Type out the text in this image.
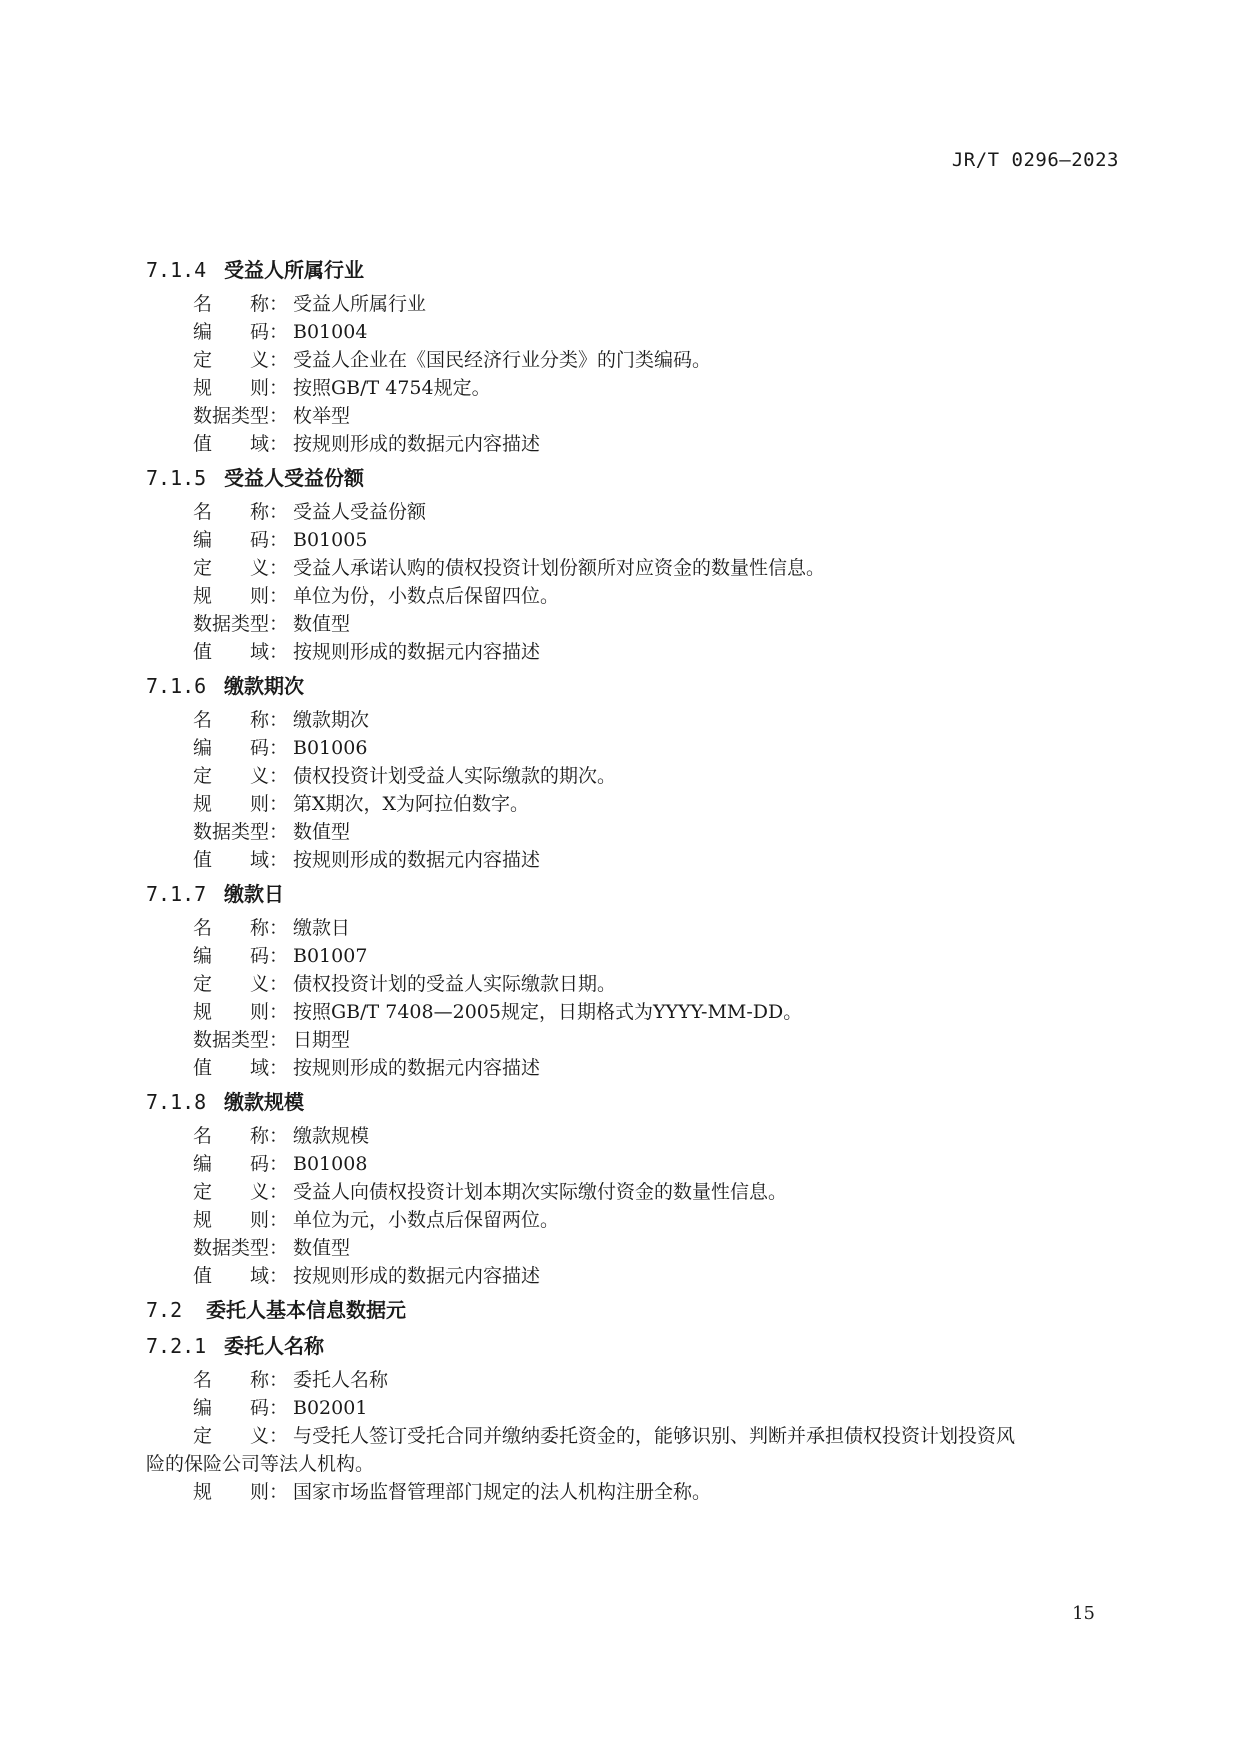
JR/T 0296—2023
7.1.4 受益人所属行业
名　　称： 受益人所属行业
编　　码： B01004
定　　义： 受益人企业在《国民经济行业分类》的门类编码。
规　　则： 按照GB/T 4754规定。
数据类型： 枚举型
值　　域： 按规则形成的数据元内容描述
7.1.5 受益人受益份额
名　　称： 受益人受益份额
编　　码： B01005
定　　义： 受益人承诺认购的债权投资计划份额所对应资金的数量性信息。
规　　则： 单位为份，小数点后保留四位。
数据类型： 数值型
值　　域： 按规则形成的数据元内容描述
7.1.6 缴款期次
名　　称： 缴款期次
编　　码： B01006
定　　义： 债权投资计划受益人实际缴款的期次。
规　　则： 第X期次，X为阿拉伯数字。
数据类型： 数值型
值　　域： 按规则形成的数据元内容描述
7.1.7 缴款日
名　　称： 缴款日
编　　码： B01007
定　　义： 债权投资计划的受益人实际缴款日期。
规　　则： 按照GB/T 7408—2005规定，日期格式为YYYY-MM-DD。
数据类型： 日期型
值　　域： 按规则形成的数据元内容描述
7.1.8 缴款规模
名　　称： 缴款规模
编　　码： B01008
定　　义： 受益人向债权投资计划本期次实际缴付资金的数量性信息。
规　　则： 单位为元，小数点后保留两位。
数据类型： 数值型
值　　域： 按规则形成的数据元内容描述
7.2 委托人基本信息数据元
7.2.1 委托人名称
名　　称： 委托人名称
编　　码： B02001
定　　义： 与受托人签订受托合同并缴纳委托资金的，能够识别、判断并承担债权投资计划投资风
险的保险公司等法人机构。
规　　则： 国家市场监督管理部门规定的法人机构注册全称。
15
